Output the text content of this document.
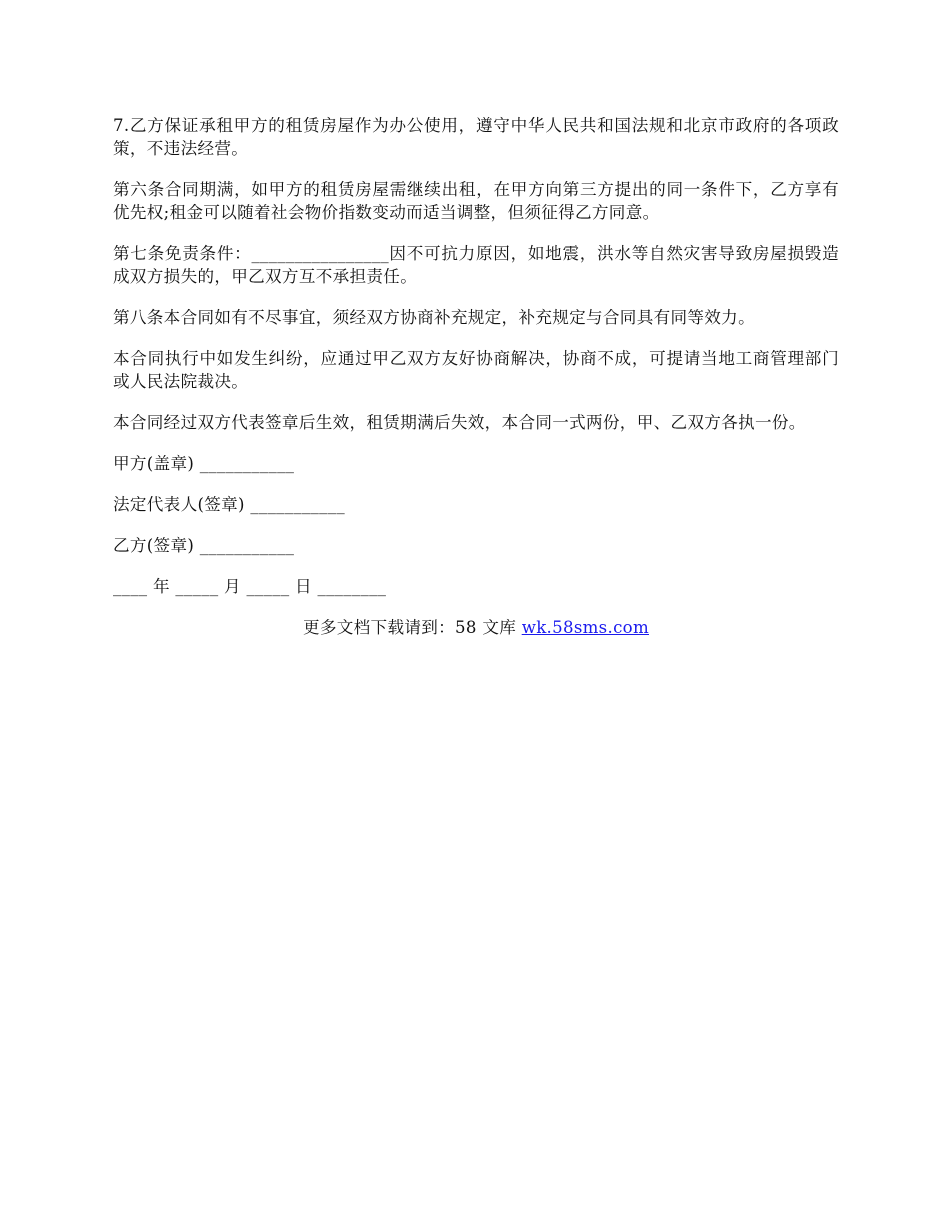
7.乙方保证承租甲方的租赁房屋作为办公使用，遵守中华人民共和国法规和北京市政府的各项政策，不违法经营。

第六条合同期满，如甲方的租赁房屋需继续出租，在甲方向第三方提出的同一条件下，乙方享有优先权;租金可以随着社会物价指数变动而适当调整，但须征得乙方同意。

第七条免责条件：________________因不可抗力原因，如地震，洪水等自然灾害导致房屋损毁造成双方损失的，甲乙双方互不承担责任。

第八条本合同如有不尽事宜，须经双方协商补充规定，补充规定与合同具有同等效力。

本合同执行中如发生纠纷，应通过甲乙双方友好协商解决，协商不成，可提请当地工商管理部门或人民法院裁决。

本合同经过双方代表签章后生效，租赁期满后失效，本合同一式两份，甲、乙双方各执一份。

甲方(盖章) ___________
法定代表人(签章) ___________
乙方(签章) ___________
____ 年 _____ 月 _____ 日 ________
更多文档下载请到：58 文库 wk.58sms.com
